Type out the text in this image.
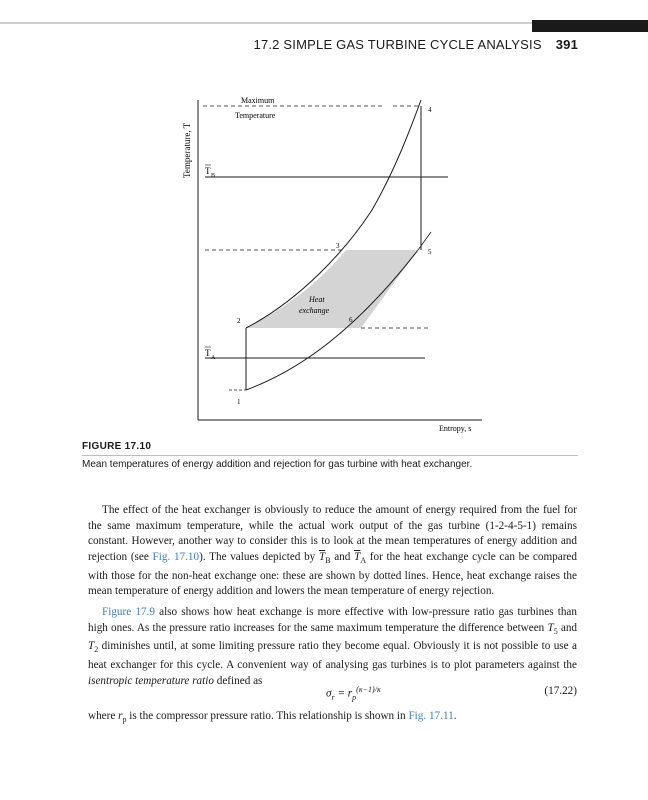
17.2 SIMPLE GAS TURBINE CYCLE ANALYSIS 391
Temperature, T
Entropy, s
Maximum
Temperature
Heat
exchange
T B
T A
1
2
3
4
5
6
FIGURE 17.10
Mean temperatures of energy addition and rejection for gas turbine with heat exchanger.
The effect of the heat exchanger is obviously to reduce the amount of energy required from the fuel for the same maximum temperature, while the actual work output of the gas turbine (1-2-4-5-1) remains constant. However, another way to consider this is to look at the mean temperatures of energy addition and rejection (see Fig. 17.10). The values depicted by $\overline{T}_B$ and $\overline{T}_A$ for the heat exchange cycle can be compared with those for the non-heat exchange one: these are shown by dotted lines. Hence, heat exchange raises the mean temperature of energy addition and lowers the mean temperature of energy rejection.
Figure 17.9 also shows how heat exchange is more effective with low-pressure ratio gas turbines than high ones. As the pressure ratio increases for the same maximum temperature the difference between $T_5$ and $T_2$ diminishes until, at some limiting pressure ratio they become equal. Obviously it is not possible to use a heat exchanger for this cycle. A convenient way of analysing gas turbines is to plot parameters against the isentropic temperature ratio defined as
$\sigma_r = r_p^{(\kappa-1)/\kappa}$	(17.22)
where $r_p$ is the compressor pressure ratio. This relationship is shown in Fig. 17.11.
